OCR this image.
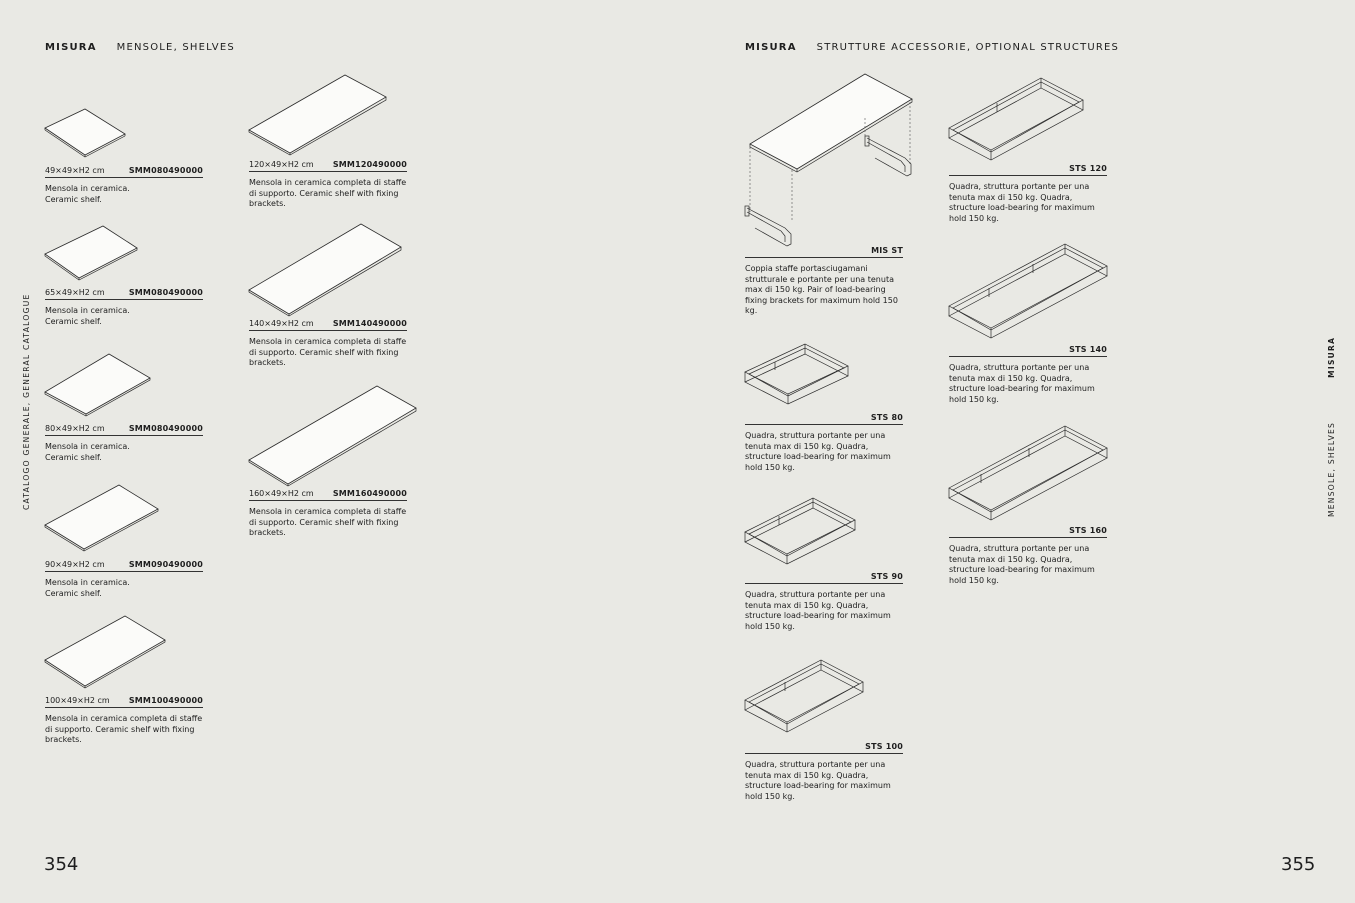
MISURA MENSOLE, SHELVES	MISURA STRUTTURE ACCESSORIE, OPTIONAL STRUCTURES
CATALOGO GENERALE, GENERAL CATALOGUE	MENSOLE, SHELVESMISURA
49×49×H2 cm	SMM080490000
Mensola in ceramica.
Ceramic shelf.
65×49×H2 cm	SMM080490000
Mensola in ceramica.
Ceramic shelf.
80×49×H2 cm	SMM080490000
Mensola in ceramica.
Ceramic shelf.
90×49×H2 cm	SMM090490000
Mensola in ceramica.
Ceramic shelf.
100×49×H2 cm SMM100490000
Mensola in ceramica completa di staffe
di supporto. Ceramic shelf with fixing
brackets.
120×49×H2 cm SMM120490000
Mensola in ceramica completa di staffe
di supporto. Ceramic shelf with fixing
brackets.
140×49×H2 cm SMM140490000
Mensola in ceramica completa di staffe
di supporto. Ceramic shelf with fixing
brackets.
160×49×H2 cm SMM160490000
Mensola in ceramica completa di staffe
di supporto. Ceramic shelf with fixing
brackets.
MIS ST
Coppia staffe portasciugamani
strutturale e portante per una tenuta
max di 150 kg. Pair of load-bearing
fixing brackets for maximum hold 150
kg.
STS 80
Quadra, struttura portante per una
tenuta max di 150 kg. Quadra,
structure load-bearing for maximum
hold 150 kg.
STS 90
Quadra, struttura portante per una
tenuta max di 150 kg. Quadra,
structure load-bearing for maximum
hold 150 kg.
STS 100
Quadra, struttura portante per una
tenuta max di 150 kg. Quadra,
structure load-bearing for maximum
hold 150 kg.
STS 120
Quadra, struttura portante per una
tenuta max di 150 kg. Quadra,
structure load-bearing for maximum
hold 150 kg.
STS 140
Quadra, struttura portante per una
tenuta max di 150 kg. Quadra,
structure load-bearing for maximum
hold 150 kg.
STS 160
Quadra, struttura portante per una
tenuta max di 150 kg. Quadra,
structure load-bearing for maximum
hold 150 kg.
354	355
